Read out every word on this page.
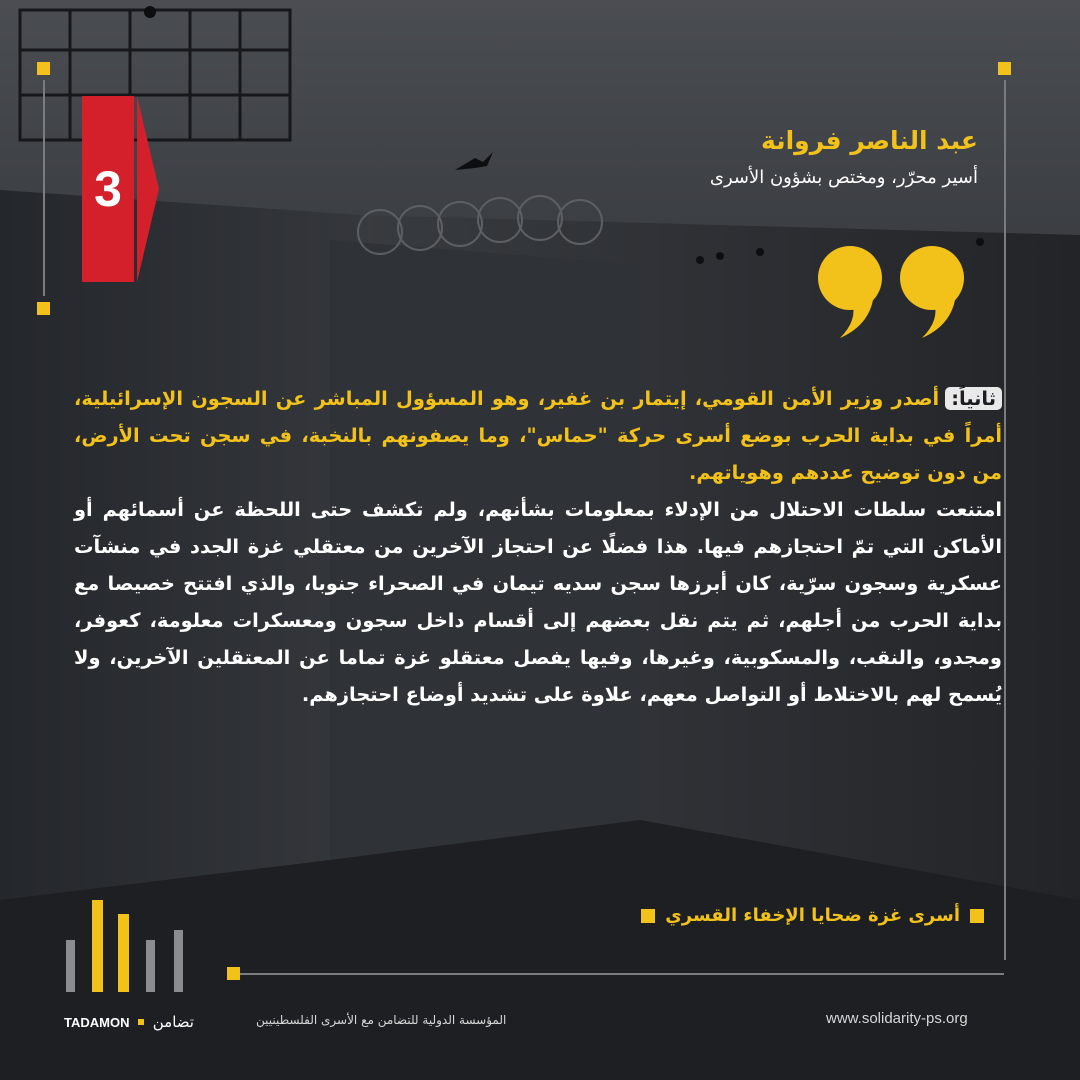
3
عبد الناصر فروانة
أسير محرّر، ومختص بشؤون الأسرى

ثانياً:أصدر وزير الأمن القومي، إيتمار بن غفير، وهو المسؤول المباشر عن السجون الإسرائيلية، أمراً في بداية الحرب بوضع أسرى حركة "حماس"، وما يصفونهم بالنخبة، في سجن تحت الأرض، من دون توضيح عددهم وهوياتهم.

امتنعت سلطات الاحتلال من الإدلاء بمعلومات بشأنهم، ولم تكشف حتى اللحظة عن أسمائهم أو الأماكن التي تمّ احتجازهم فيها. هذا فضلًا عن احتجاز الآخرين من معتقلي غزة الجدد في منشآت عسكرية وسجون سرّية، كان أبرزها سجن سديه تيمان في الصحراء جنوبا، والذي افتتح خصيصا مع بداية الحرب من أجلهم، ثم يتم نقل بعضهم إلى أقسام داخل سجون ومعسكرات معلومة، كعوفر، ومجدو، والنقب، والمسكوبية، وغيرها، وفيها يفصل معتقلو غزة تماما عن المعتقلين الآخرين، ولا يُسمح لهم بالاختلاط أو التواصل معهم، علاوة على تشديد أوضاع احتجازهم.

أسرى غزة ضحايا الإخفاء القسري
TADAMON تضامن	المؤسسة الدولية للتضامن مع الأسرى الفلسطينيين	www.solidarity-ps.org
